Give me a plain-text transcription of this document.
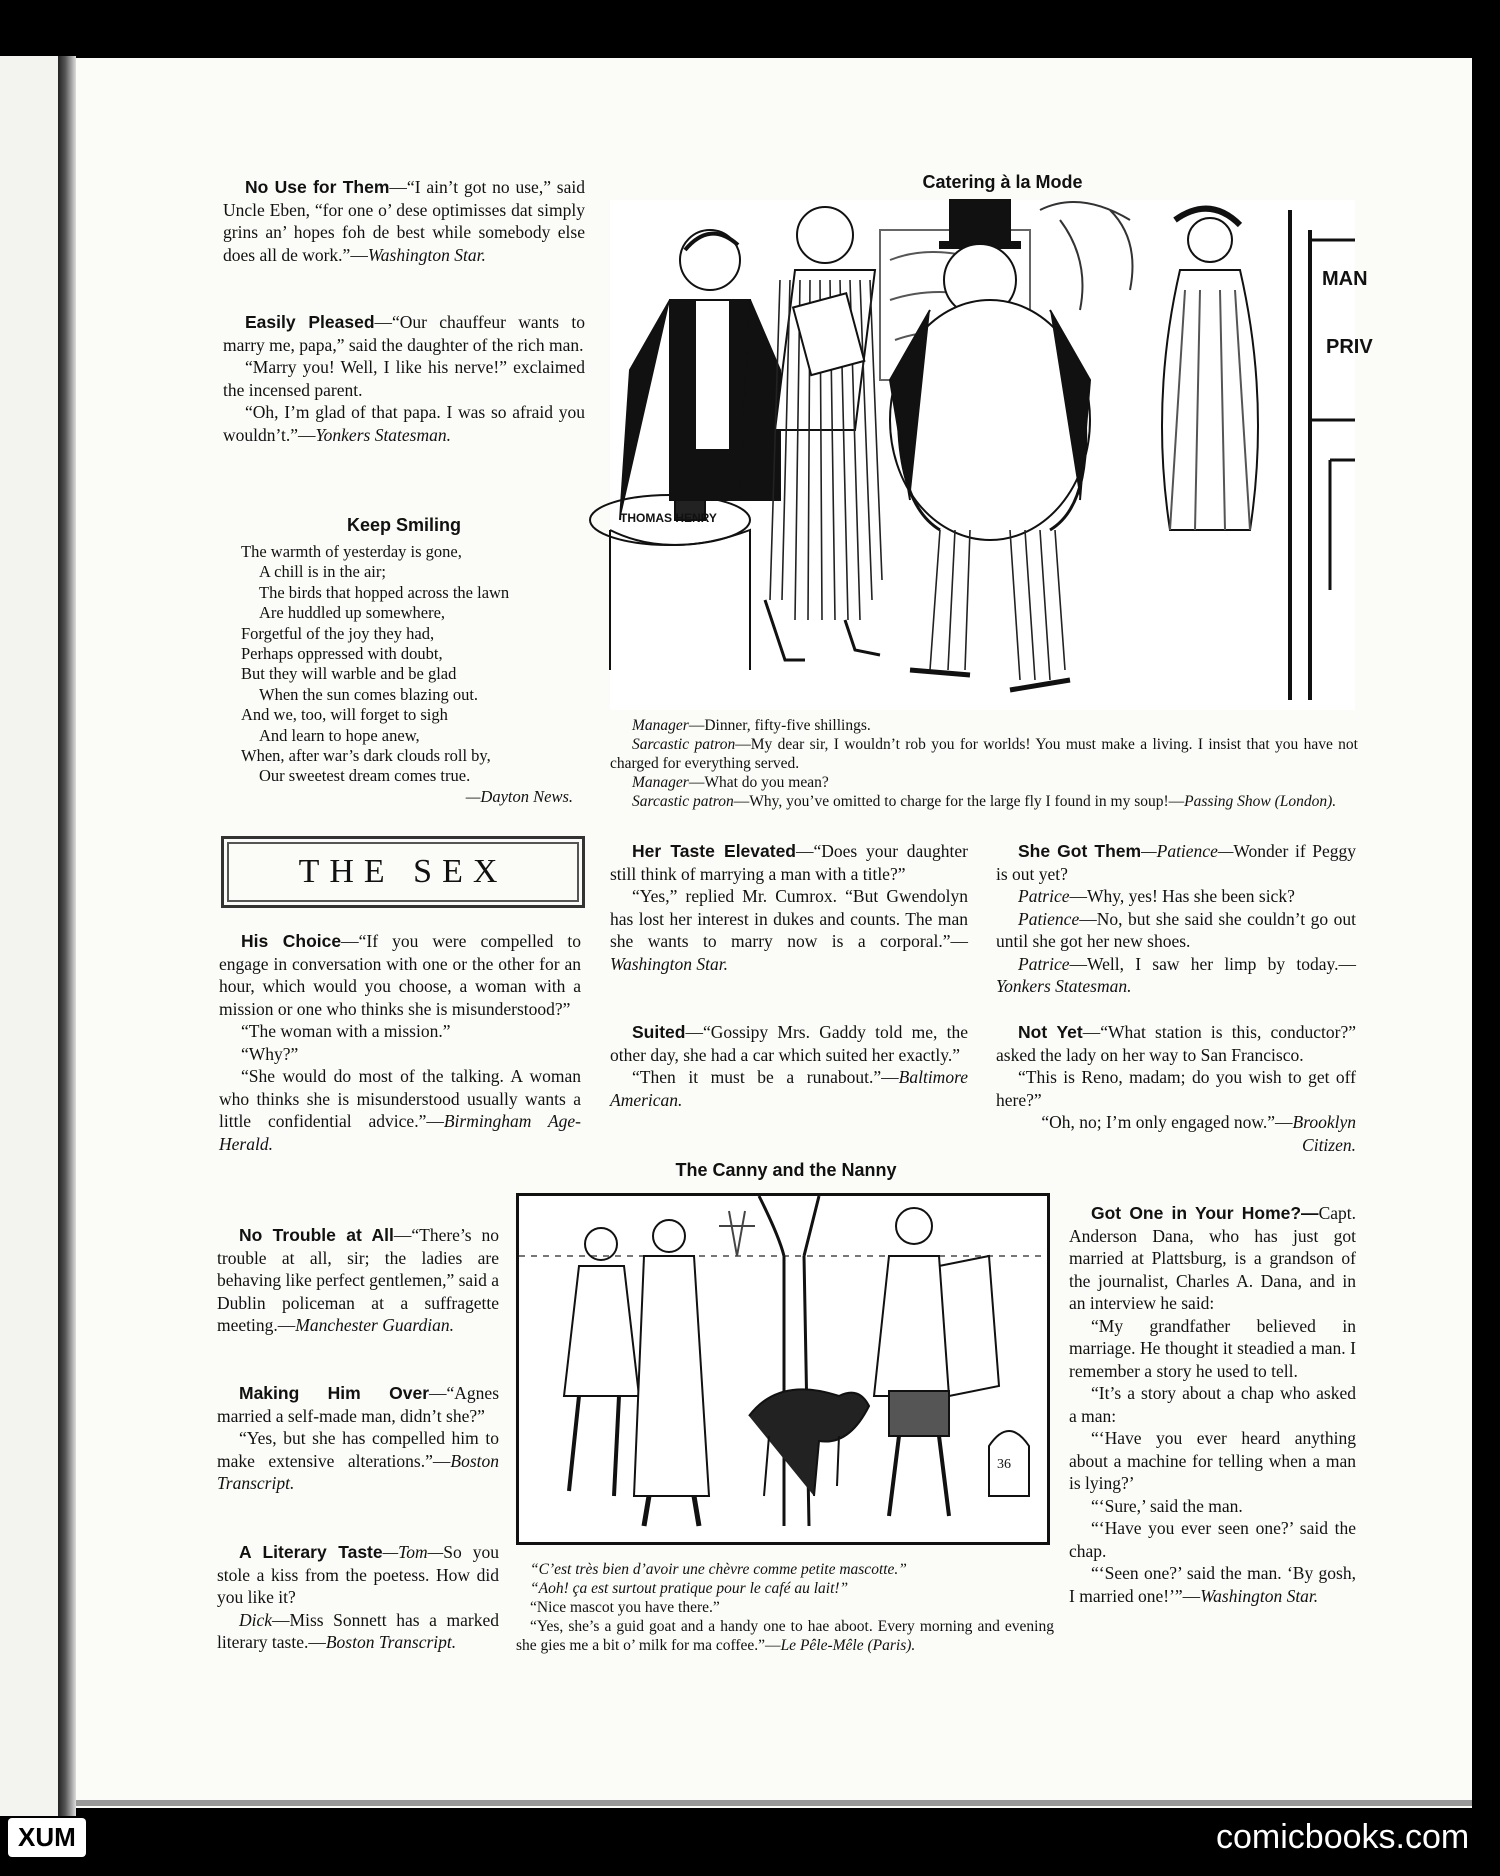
No Use for Them—“I ain’t got no use,” said Uncle Eben, “for one o’ dese optimisses dat simply grins an’ hopes foh de best while somebody else does all de work.”—Washington Star.

Easily Pleased—“Our chauffeur wants to marry me, papa,” said the daughter of the rich man.

“Marry you! Well, I like his nerve!” exclaimed the incensed parent.

“Oh, I’m glad of that papa. I was so afraid you wouldn’t.”—Yonkers Statesman.

Keep Smiling
The warmth of yesterday is gone,
A chill is in the air;
The birds that hopped across the lawn
Are huddled up somewhere,
Forgetful of the joy they had,
Perhaps oppressed with doubt,
But they will warble and be glad
When the sun comes blazing out.
And we, too, will forget to sigh
And learn to hope anew,
When, after war’s dark clouds roll by,
Our sweetest dream comes true.
—Dayton News.
THE SEX

His Choice—“If you were compelled to engage in conversation with one or the other for an hour, which would you choose, a woman with a mission or one who thinks she is misunderstood?”

“The woman with a mission.”

“Why?”

“She would do most of the talking. A woman who thinks she is misunderstood usually wants a little confidential advice.”—Birmingham Age-Herald.

No Trouble at All—“There’s no trouble at all, sir; the ladies are behaving like perfect gentlemen,” said a Dublin policeman at a suffragette meeting.—Manchester Guardian.

Making Him Over—“Agnes married a self-made man, didn’t she?”

“Yes, but she has compelled him to make extensive alterations.”—Boston Transcript.

A Literary Taste—Tom—So you stole a kiss from the poetess. How did you like it?

Dick—Miss Sonnett has a marked literary taste.—Boston Transcript.

Catering à la Mode
THOMAS HENRY
MAN
PRIV

Manager—Dinner, fifty-five shillings.

Sarcastic patron—My dear sir, I wouldn’t rob you for worlds! You must make a living. I insist that you have not charged for everything served.

Manager—What do you mean?

Sarcastic patron—Why, you’ve omitted to charge for the large fly I found in my soup!—Passing Show (London).

Her Taste Elevated—“Does your daughter still think of marrying a man with a title?”

“Yes,” replied Mr. Cumrox. “But Gwendolyn has lost her interest in dukes and counts. The man she wants to marry now is a corporal.”—Washington Star.

Suited—“Gossipy Mrs. Gaddy told me, the other day, she had a car which suited her exactly.”

“Then it must be a runabout.”—Baltimore American.

She Got Them—Patience—Wonder if Peggy is out yet?

Patrice—Why, yes! Has she been sick?

Patience—No, but she said she couldn’t go out until she got her new shoes.

Patrice—Well, I saw her limp by today.—Yonkers Statesman.

Not Yet—“What station is this, conductor?” asked the lady on her way to San Francisco.

“This is Reno, madam; do you wish to get off here?”

“Oh, no; I’m only engaged now.”—Brooklyn Citizen.

Got One in Your Home?—Capt. Anderson Dana, who has just got married at Plattsburg, is a grandson of the journalist, Charles A. Dana, and in an interview he said:

“My grandfather believed in marriage. He thought it steadied a man. I remember a story he used to tell.

“It’s a story about a chap who asked a man:

“‘Have you ever heard anything about a machine for telling when a man is lying?’

“‘Sure,’ said the man.

“‘Have you ever seen one?’ said the chap.

“‘Seen one?’ said the man. ‘By gosh, I married one!’”—Washington Star.

The Canny and the Nanny
36

“C’est très bien d’avoir une chèvre comme petite mascotte.”

“Aoh! ça est surtout pratique pour le café au lait!”

“Nice mascot you have there.”

“Yes, she’s a guid goat and a handy one to hae aboot. Every morning and evening she gies me a bit o’ milk for ma coffee.”—Le Pêle-Mêle (Paris).

XUM	comicbooks.com
